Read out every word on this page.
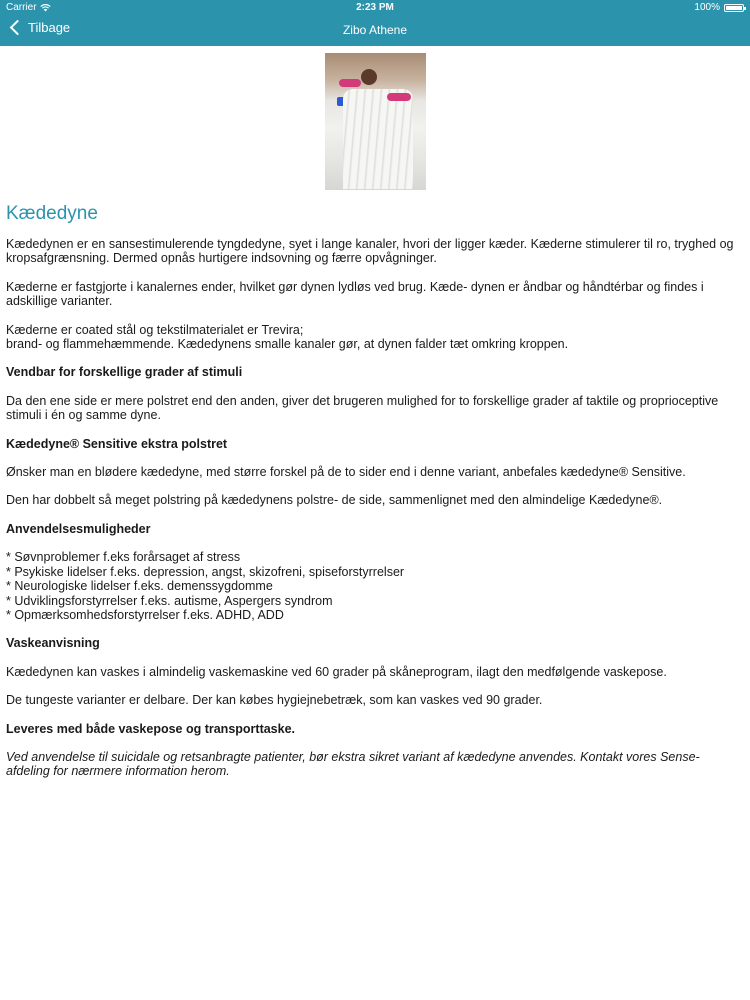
Carrier	2:23 PM	100%
Tilbage	Zibo Athene
Kædedyne

Kædedynen er en sansestimulerende tyngdedyne, syet i lange kanaler, hvori der ligger kæder. Kæderne stimulerer til ro, tryghed og kropsafgrænsning. Dermed opnås hurtigere indsovning og færre opvågninger.

Kæderne er fastgjorte i kanalernes ender, hvilket gør dynen lydløs ved brug. Kæde- dynen er åndbar og håndtérbar og findes i adskillige varianter.

Kæderne er coated stål og tekstilmaterialet er Trevira;
brand- og flammehæmmende. Kædedynens smalle kanaler gør, at dynen falder tæt omkring kroppen.

Vendbar for forskellige grader af stimuli

Da den ene side er mere polstret end den anden, giver det brugeren mulighed for to forskellige grader af taktile og proprioceptive stimuli i én og samme dyne.

Kædedyne® Sensitive ekstra polstret

Ønsker man en blødere kædedyne, med større forskel på de to sider end i denne variant, anbefales kædedyne® Sensitive.

Den har dobbelt så meget polstring på kædedynens polstre- de side, sammenlignet med den almindelige Kædedyne®.

Anvendelsesmuligheder

* Søvnproblemer f.eks forårsaget af stress
* Psykiske lidelser f.eks. depression, angst, skizofreni, spiseforstyrrelser
* Neurologiske lidelser f.eks. demenssygdomme
* Udviklingsforstyrrelser f.eks. autisme, Aspergers syndrom
* Opmærksomhedsforstyrrelser f.eks. ADHD, ADD

Vaskeanvisning

Kædedynen kan vaskes i almindelig vaskemaskine ved 60 grader på skåneprogram, ilagt den medfølgende vaskepose.

De tungeste varianter er delbare. Der kan købes hygiejnebetræk, som kan vaskes ved 90 grader.

Leveres med både vaskepose og transporttaske.

Ved anvendelse til suicidale og retsanbragte patienter, bør ekstra sikret variant af kædedyne anvendes. Kontakt vores Sense- afdeling for nærmere information herom.
